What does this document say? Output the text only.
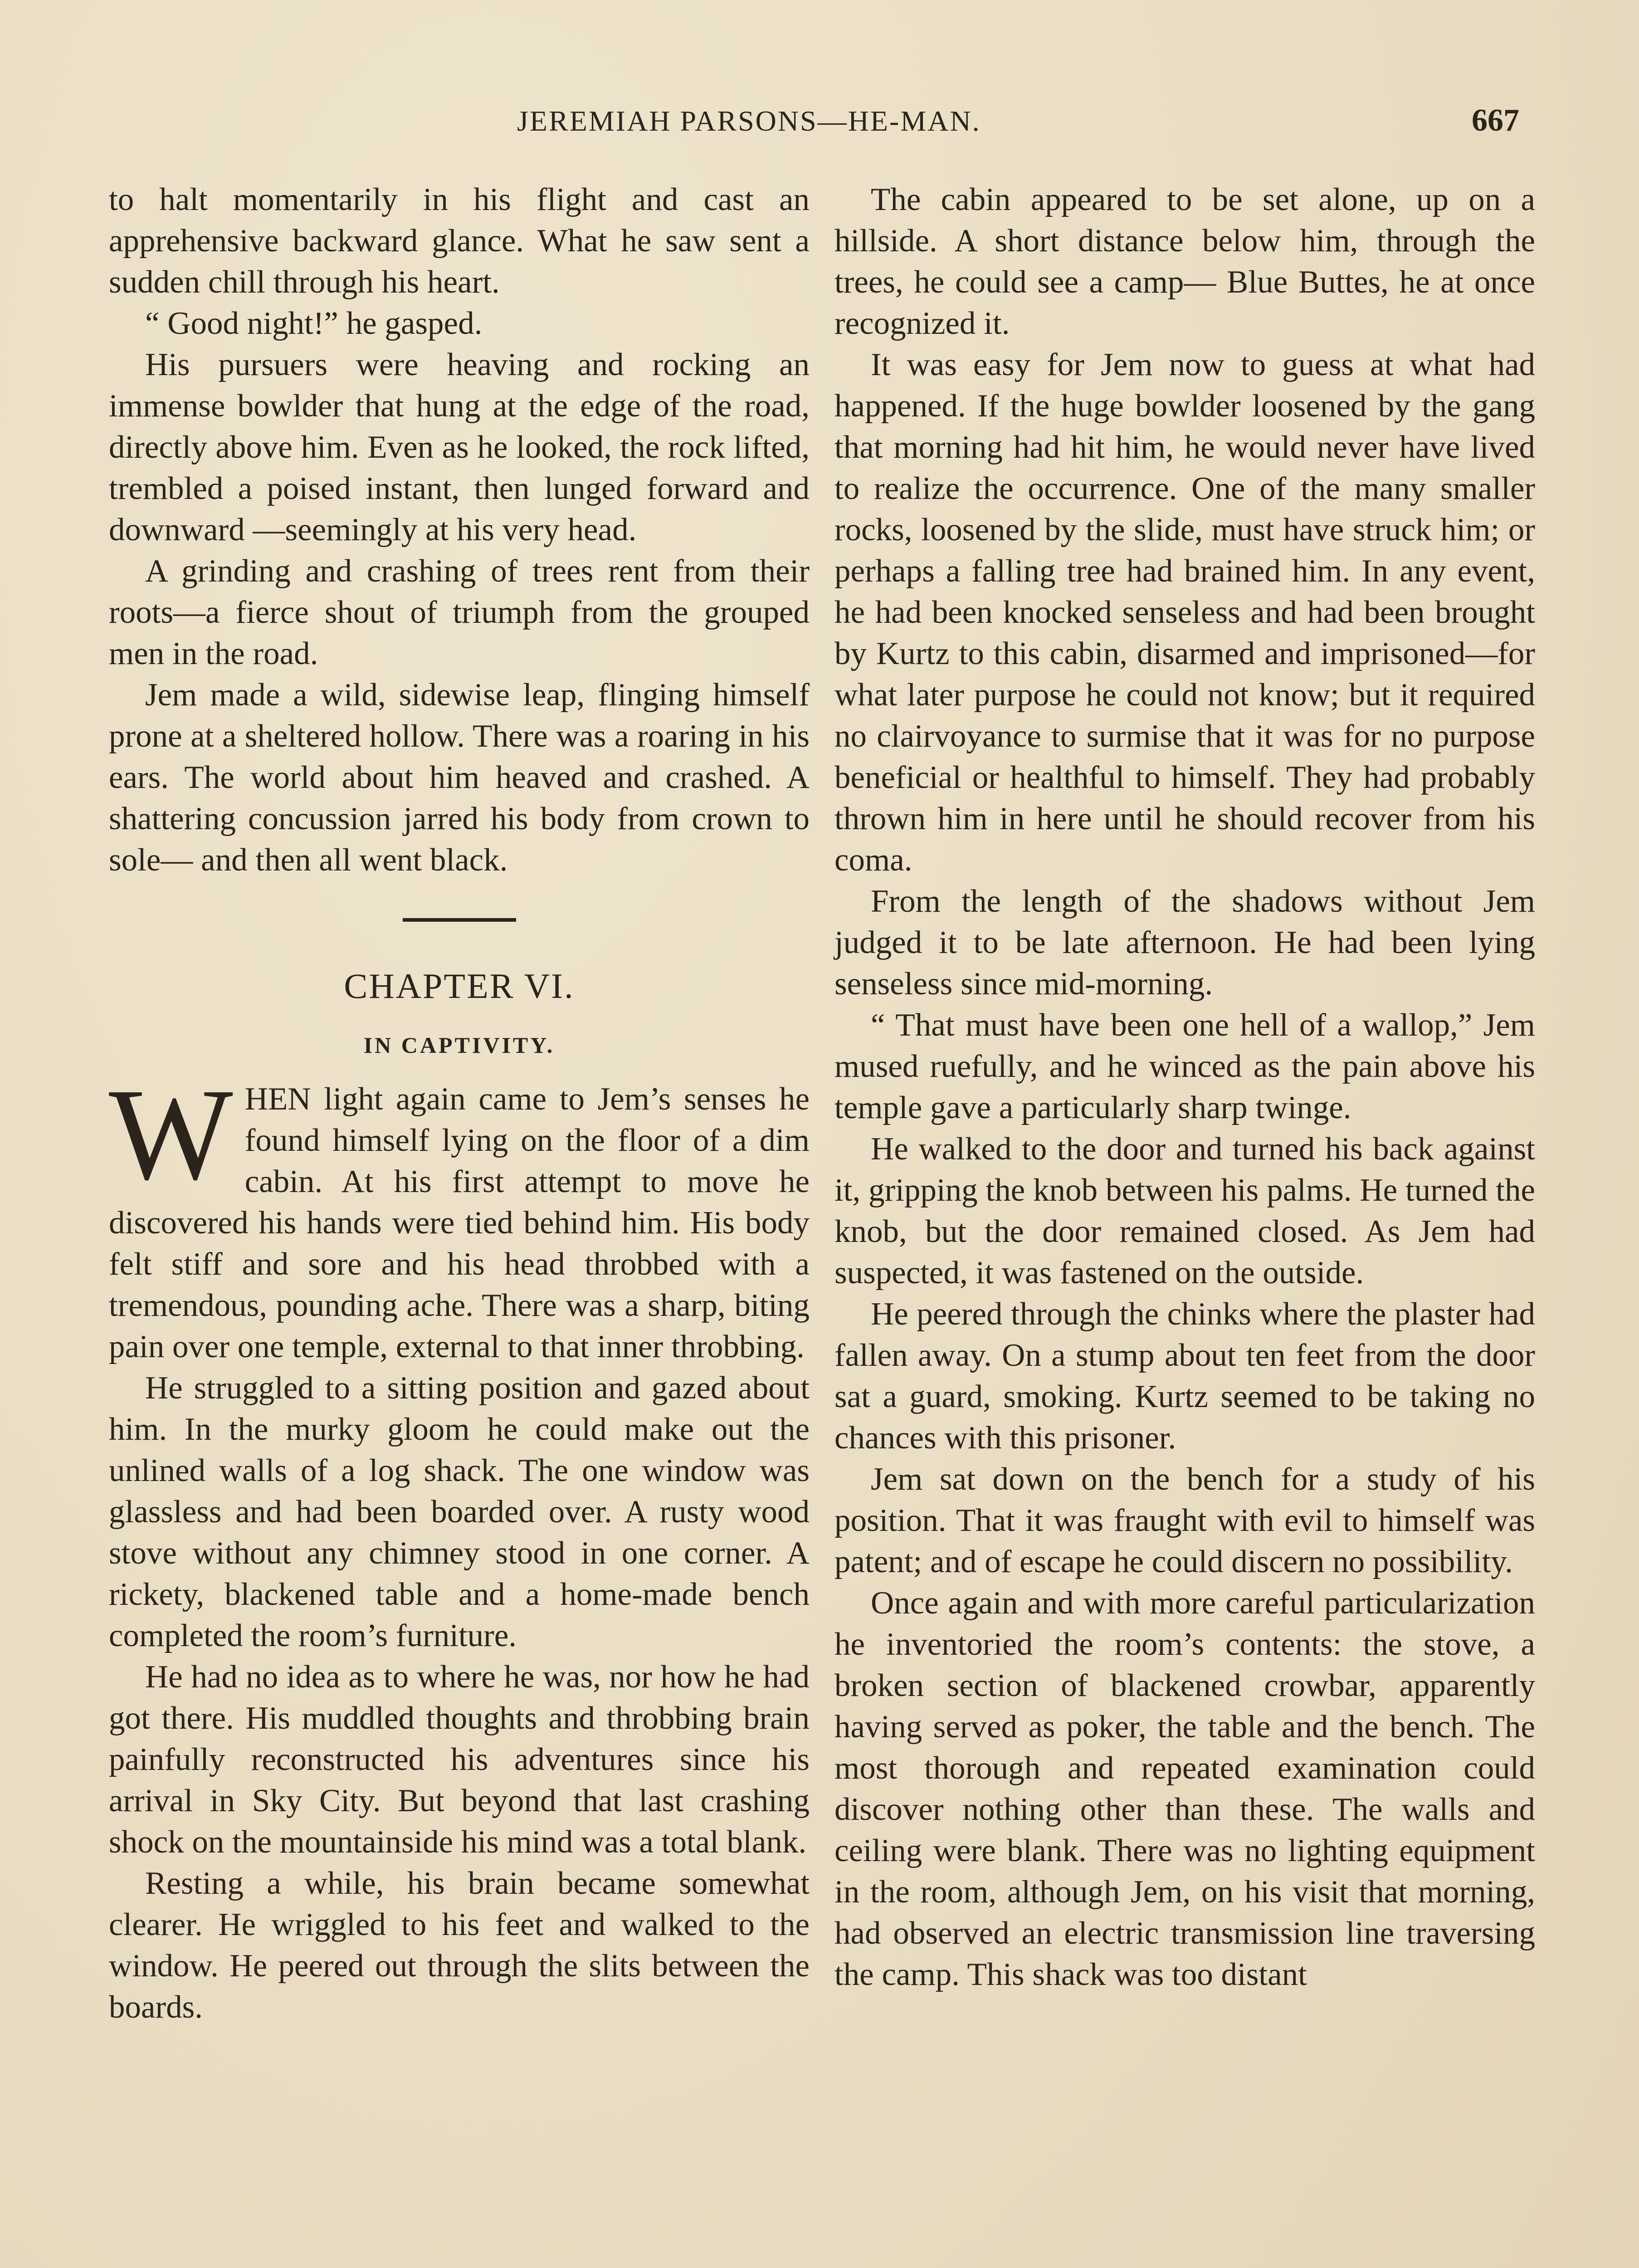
JEREMIAH PARSONS—HE-MAN.	667

to halt momentarily in his flight and cast an apprehensive backward glance. What he saw sent a sudden chill through his heart.

“ Good night!” he gasped.

His pursuers were heaving and rocking an immense bowlder that hung at the edge of the road, directly above him. Even as he looked, the rock lifted, trembled a poised instant, then lunged forward and downward —seemingly at his very head.

A grinding and crashing of trees rent from their roots—a fierce shout of triumph from the grouped men in the road.

Jem made a wild, sidewise leap, flinging himself prone at a sheltered hollow. There was a roaring in his ears. The world about him heaved and crashed. A shattering concussion jarred his body from crown to sole— and then all went black.

CHAPTER VI.
IN CAPTIVITY.

WHEN light again came to Jem’s senses he found himself lying on the floor of a dim cabin. At his first attempt to move he discovered his hands were tied behind him. His body felt stiff and sore and his head throbbed with a tremendous, pounding ache. There was a sharp, biting pain over one temple, external to that inner throbbing.

He struggled to a sitting position and gazed about him. In the murky gloom he could make out the unlined walls of a log shack. The one window was glassless and had been boarded over. A rusty wood stove without any chimney stood in one corner. A rickety, blackened table and a home-made bench completed the room’s furniture.

He had no idea as to where he was, nor how he had got there. His muddled thoughts and throbbing brain painfully reconstructed his adventures since his arrival in Sky City. But beyond that last crashing shock on the mountainside his mind was a total blank.

Resting a while, his brain became somewhat clearer. He wriggled to his feet and walked to the window. He peered out through the slits between the boards.

The cabin appeared to be set alone, up on a hillside. A short distance below him, through the trees, he could see a camp— Blue Buttes, he at once recognized it.

It was easy for Jem now to guess at what had happened. If the huge bowlder loosened by the gang that morning had hit him, he would never have lived to realize the occurrence. One of the many smaller rocks, loosened by the slide, must have struck him; or perhaps a falling tree had brained him. In any event, he had been knocked senseless and had been brought by Kurtz to this cabin, disarmed and imprisoned—for what later purpose he could not know; but it required no clairvoyance to surmise that it was for no purpose beneficial or healthful to himself. They had probably thrown him in here until he should recover from his coma.

From the length of the shadows without Jem judged it to be late afternoon. He had been lying senseless since mid-morning.

“ That must have been one hell of a wallop,” Jem mused ruefully, and he winced as the pain above his temple gave a particularly sharp twinge.

He walked to the door and turned his back against it, gripping the knob between his palms. He turned the knob, but the door remained closed. As Jem had suspected, it was fastened on the outside.

He peered through the chinks where the plaster had fallen away. On a stump about ten feet from the door sat a guard, smoking. Kurtz seemed to be taking no chances with this prisoner.

Jem sat down on the bench for a study of his position. That it was fraught with evil to himself was patent; and of escape he could discern no possibility.

Once again and with more careful particularization he inventoried the room’s contents: the stove, a broken section of blackened crowbar, apparently having served as poker, the table and the bench. The most thorough and repeated examination could discover nothing other than these. The walls and ceiling were blank. There was no lighting equipment in the room, although Jem, on his visit that morning, had observed an electric transmission line traversing the camp. This shack was too distant
